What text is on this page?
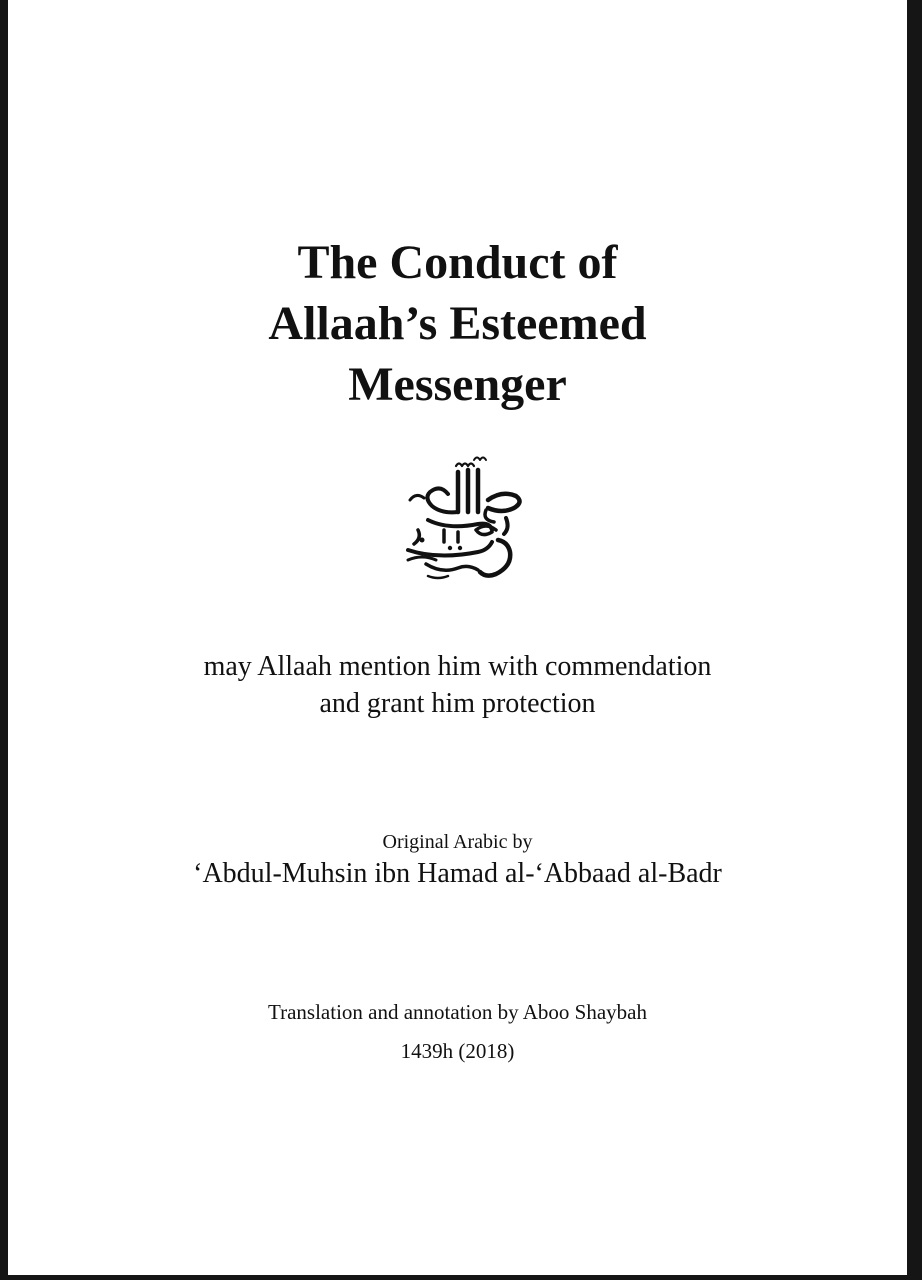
The Conduct of
Allaah’s Esteemed
Messenger
may Allaah mention him with commendation
and grant him protection
Original Arabic by
‘Abdul-Muhsin ibn Hamad al-‘Abbaad al-Badr
Translation and annotation by Aboo Shaybah
1439h (2018)
